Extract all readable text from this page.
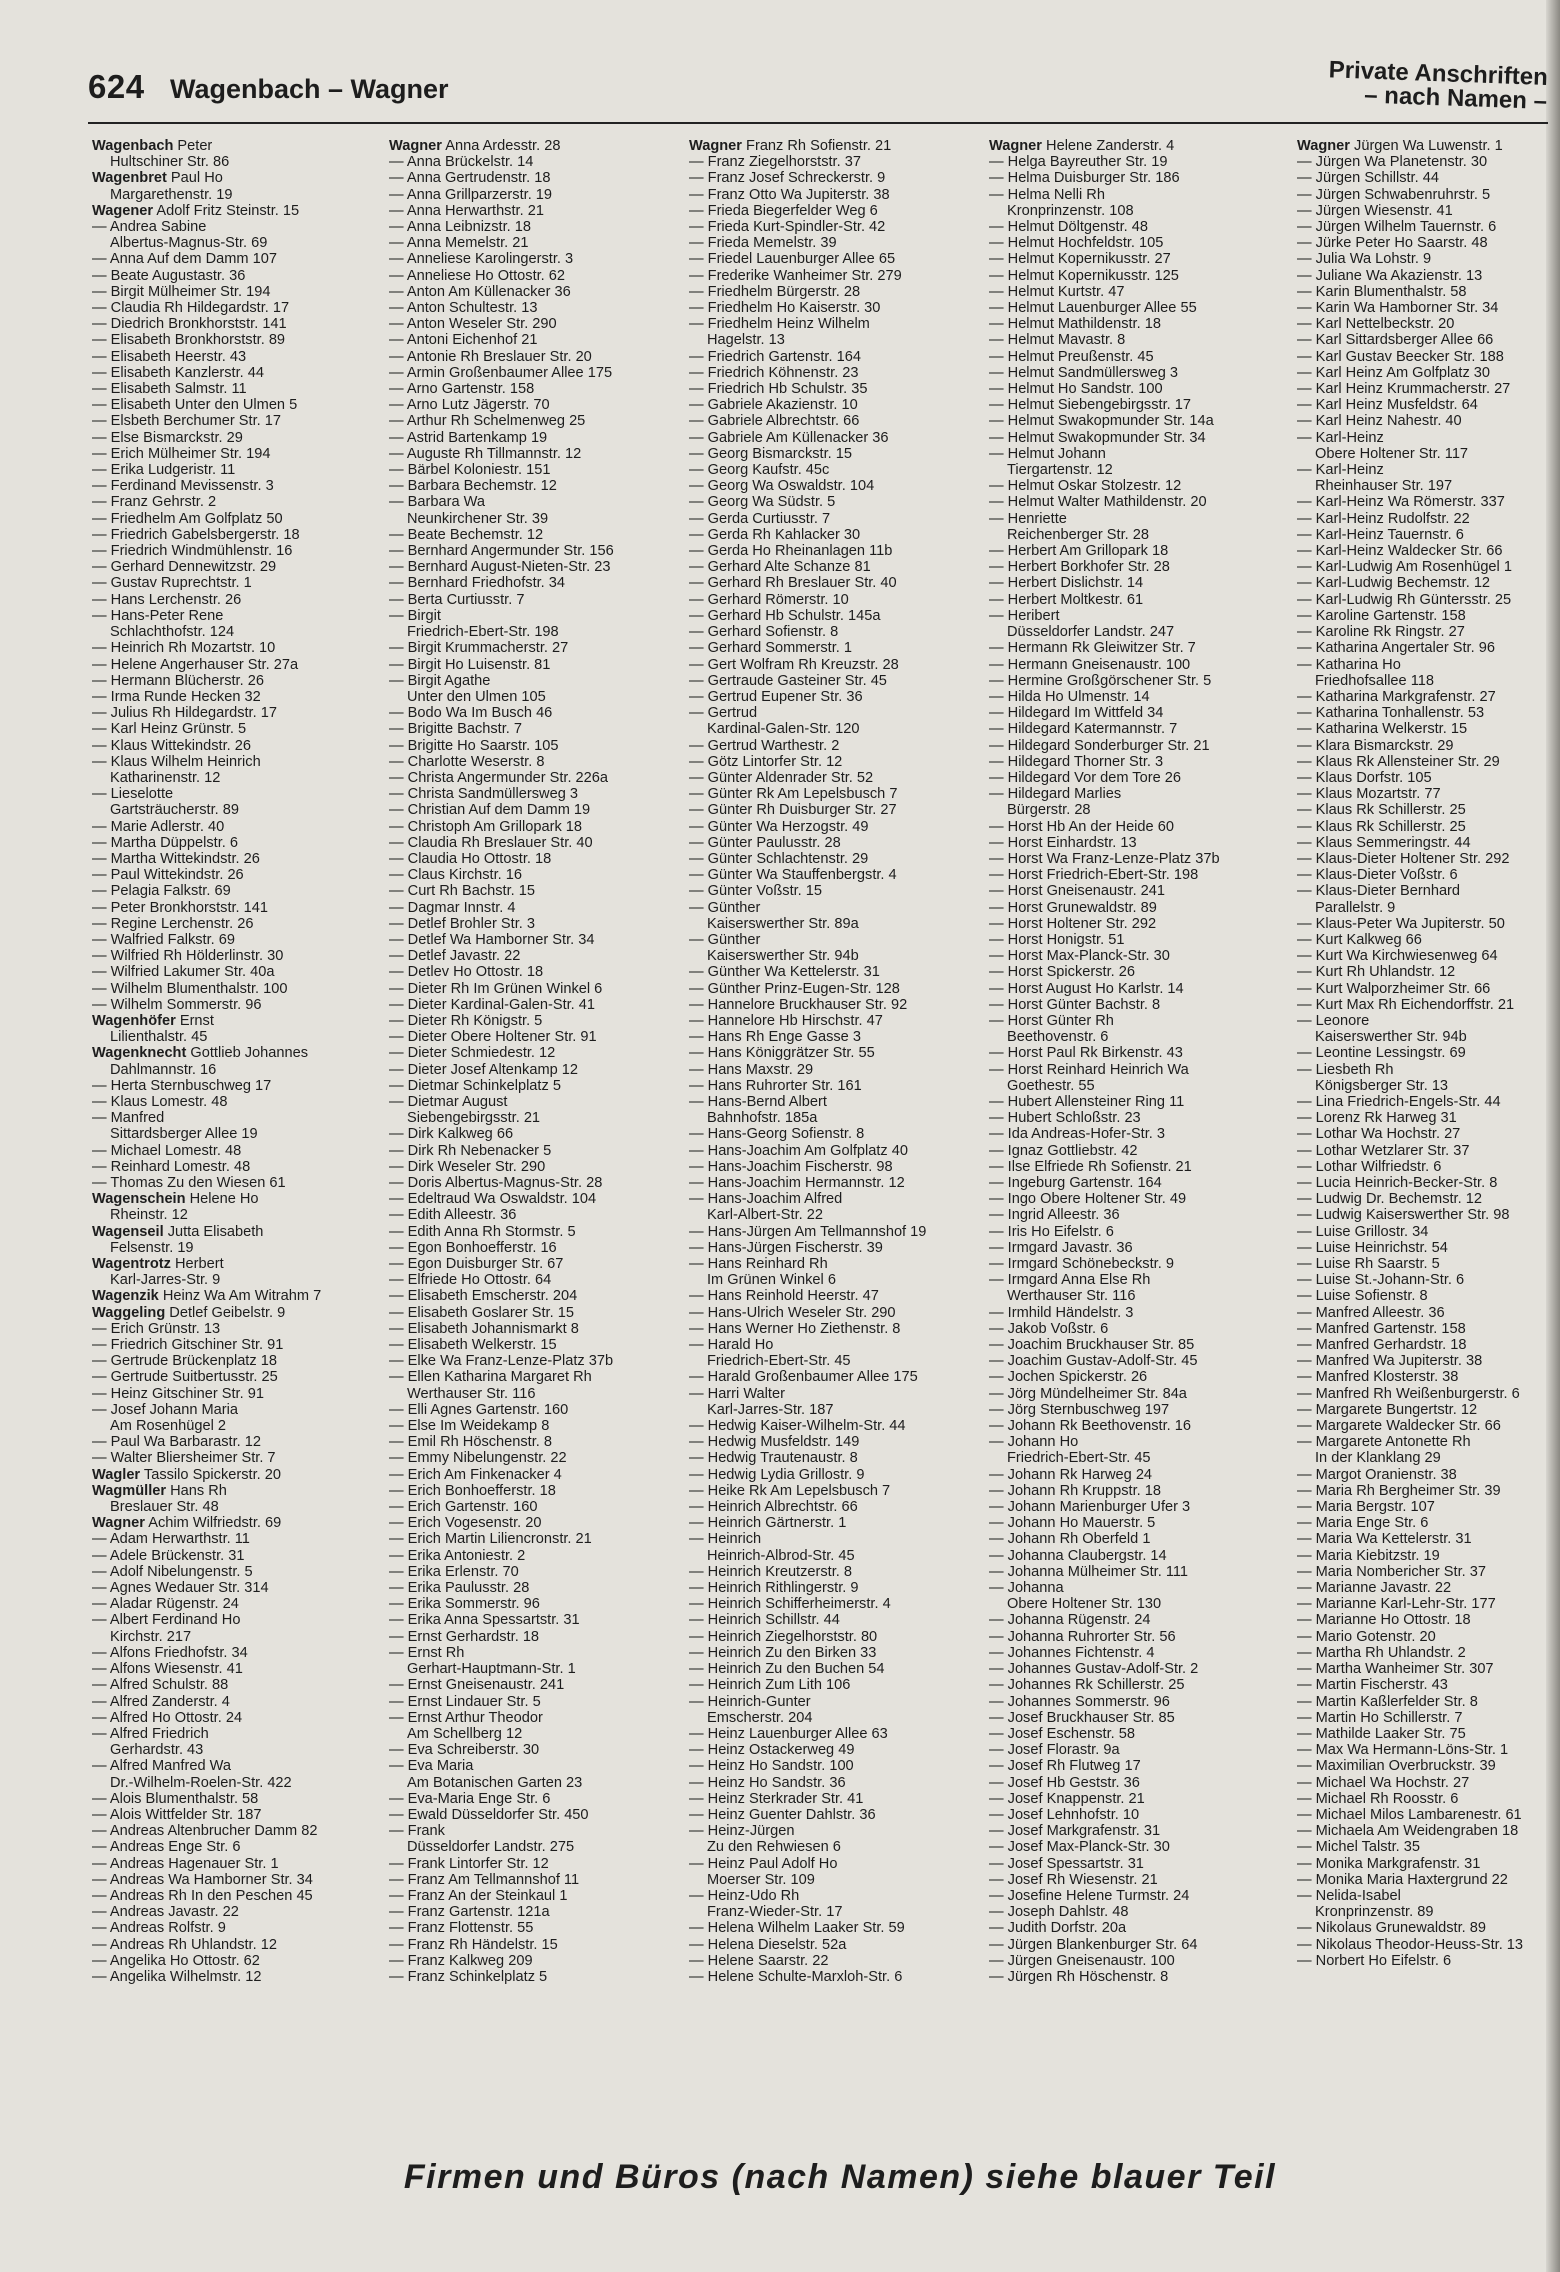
624 Wagenbach – Wagner	Private Anschriften
– nach Namen –
Wagenbach Peter
Hultschiner Str. 86
Wagenbret Paul Ho
Margarethenstr. 19
Wagener Adolf Fritz Steinstr. 15
— Andrea Sabine
Albertus-Magnus-Str. 69
— Anna Auf dem Damm 107
— Beate Augustastr. 36
— Birgit Mülheimer Str. 194
— Claudia Rh Hildegardstr. 17
— Diedrich Bronkhorststr. 141
— Elisabeth Bronkhorststr. 89
— Elisabeth Heerstr. 43
— Elisabeth Kanzlerstr. 44
— Elisabeth Salmstr. 11
— Elisabeth Unter den Ulmen 5
— Elsbeth Berchumer Str. 17
— Else Bismarckstr. 29
— Erich Mülheimer Str. 194
— Erika Ludgeristr. 11
— Ferdinand Mevissenstr. 3
— Franz Gehrstr. 2
— Friedhelm Am Golfplatz 50
— Friedrich Gabelsbergerstr. 18
— Friedrich Windmühlenstr. 16
— Gerhard Dennewitzstr. 29
— Gustav Ruprechtstr. 1
— Hans Lerchenstr. 26
— Hans-Peter Rene
Schlachthofstr. 124
— Heinrich Rh Mozartstr. 10
— Helene Angerhauser Str. 27a
— Hermann Blücherstr. 26
— Irma Runde Hecken 32
— Julius Rh Hildegardstr. 17
— Karl Heinz Grünstr. 5
— Klaus Wittekindstr. 26
— Klaus Wilhelm Heinrich
Katharinenstr. 12
— Lieselotte
Gartsträucherstr. 89
— Marie Adlerstr. 40
— Martha Düppelstr. 6
— Martha Wittekindstr. 26
— Paul Wittekindstr. 26
— Pelagia Falkstr. 69
— Peter Bronkhorststr. 141
— Regine Lerchenstr. 26
— Walfried Falkstr. 69
— Wilfried Rh Hölderlinstr. 30
— Wilfried Lakumer Str. 40a
— Wilhelm Blumenthalstr. 100
— Wilhelm Sommerstr. 96
Wagenhöfer Ernst
Lilienthalstr. 45
Wagenknecht Gottlieb Johannes
Dahlmannstr. 16
— Herta Sternbuschweg 17
— Klaus Lomestr. 48
— Manfred
Sittardsberger Allee 19
— Michael Lomestr. 48
— Reinhard Lomestr. 48
— Thomas Zu den Wiesen 61
Wagenschein Helene Ho
Rheinstr. 12
Wagenseil Jutta Elisabeth
Felsenstr. 19
Wagentrotz Herbert
Karl-Jarres-Str. 9
Wagenzik Heinz Wa Am Witrahm 7
Waggeling Detlef Geibelstr. 9
— Erich Grünstr. 13
— Friedrich Gitschiner Str. 91
— Gertrude Brückenplatz 18
— Gertrude Suitbertusstr. 25
— Heinz Gitschiner Str. 91
— Josef Johann Maria
Am Rosenhügel 2
— Paul Wa Barbarastr. 12
— Walter Bliersheimer Str. 7
Wagler Tassilo Spickerstr. 20
Wagmüller Hans Rh
Breslauer Str. 48
Wagner Achim Wilfriedstr. 69
— Adam Herwarthstr. 11
— Adele Brückenstr. 31
— Adolf Nibelungenstr. 5
— Agnes Wedauer Str. 314
— Aladar Rügenstr. 24
— Albert Ferdinand Ho
Kirchstr. 217
— Alfons Friedhofstr. 34
— Alfons Wiesenstr. 41
— Alfred Schulstr. 88
— Alfred Zanderstr. 4
— Alfred Ho Ottostr. 24
— Alfred Friedrich
Gerhardstr. 43
— Alfred Manfred Wa
Dr.-Wilhelm-Roelen-Str. 422
— Alois Blumenthalstr. 58
— Alois Wittfelder Str. 187
— Andreas Altenbrucher Damm 82
— Andreas Enge Str. 6
— Andreas Hagenauer Str. 1
— Andreas Wa Hamborner Str. 34
— Andreas Rh In den Peschen 45
— Andreas Javastr. 22
— Andreas Rolfstr. 9
— Andreas Rh Uhlandstr. 12
— Angelika Ho Ottostr. 62
— Angelika Wilhelmstr. 12
Wagner Anna Ardesstr. 28
— Anna Brückelstr. 14
— Anna Gertrudenstr. 18
— Anna Grillparzerstr. 19
— Anna Herwarthstr. 21
— Anna Leibnizstr. 18
— Anna Memelstr. 21
— Anneliese Karolingerstr. 3
— Anneliese Ho Ottostr. 62
— Anton Am Küllenacker 36
— Anton Schultestr. 13
— Anton Weseler Str. 290
— Antoni Eichenhof 21
— Antonie Rh Breslauer Str. 20
— Armin Großenbaumer Allee 175
— Arno Gartenstr. 158
— Arno Lutz Jägerstr. 70
— Arthur Rh Schelmenweg 25
— Astrid Bartenkamp 19
— Auguste Rh Tillmannstr. 12
— Bärbel Koloniestr. 151
— Barbara Bechemstr. 12
— Barbara Wa
Neunkirchener Str. 39
— Beate Bechemstr. 12
— Bernhard Angermunder Str. 156
— Bernhard August-Nieten-Str. 23
— Bernhard Friedhofstr. 34
— Berta Curtiusstr. 7
— Birgit
Friedrich-Ebert-Str. 198
— Birgit Krummacherstr. 27
— Birgit Ho Luisenstr. 81
— Birgit Agathe
Unter den Ulmen 105
— Bodo Wa Im Busch 46
— Brigitte Bachstr. 7
— Brigitte Ho Saarstr. 105
— Charlotte Weserstr. 8
— Christa Angermunder Str. 226a
— Christa Sandmüllersweg 3
— Christian Auf dem Damm 19
— Christoph Am Grillopark 18
— Claudia Rh Breslauer Str. 40
— Claudia Ho Ottostr. 18
— Claus Kirchstr. 16
— Curt Rh Bachstr. 15
— Dagmar Innstr. 4
— Detlef Brohler Str. 3
— Detlef Wa Hamborner Str. 34
— Detlef Javastr. 22
— Detlev Ho Ottostr. 18
— Dieter Rh Im Grünen Winkel 6
— Dieter Kardinal-Galen-Str. 41
— Dieter Rh Königstr. 5
— Dieter Obere Holtener Str. 91
— Dieter Schmiedestr. 12
— Dieter Josef Altenkamp 12
— Dietmar Schinkelplatz 5
— Dietmar August
Siebengebirgsstr. 21
— Dirk Kalkweg 66
— Dirk Rh Nebenacker 5
— Dirk Weseler Str. 290
— Doris Albertus-Magnus-Str. 28
— Edeltraud Wa Oswaldstr. 104
— Edith Alleestr. 36
— Edith Anna Rh Stormstr. 5
— Egon Bonhoefferstr. 16
— Egon Duisburger Str. 67
— Elfriede Ho Ottostr. 64
— Elisabeth Emscherstr. 204
— Elisabeth Goslarer Str. 15
— Elisabeth Johannismarkt 8
— Elisabeth Welkerstr. 15
— Elke Wa Franz-Lenze-Platz 37b
— Ellen Katharina Margaret Rh
Werthauser Str. 116
— Elli Agnes Gartenstr. 160
— Else Im Weidekamp 8
— Emil Rh Höschenstr. 8
— Emmy Nibelungenstr. 22
— Erich Am Finkenacker 4
— Erich Bonhoefferstr. 18
— Erich Gartenstr. 160
— Erich Vogesenstr. 20
— Erich Martin Liliencronstr. 21
— Erika Antoniestr. 2
— Erika Erlenstr. 70
— Erika Paulusstr. 28
— Erika Sommerstr. 96
— Erika Anna Spessartstr. 31
— Ernst Gerhardstr. 18
— Ernst Rh
Gerhart-Hauptmann-Str. 1
— Ernst Gneisenaustr. 241
— Ernst Lindauer Str. 5
— Ernst Arthur Theodor
Am Schellberg 12
— Eva Schreiberstr. 30
— Eva Maria
Am Botanischen Garten 23
— Eva-Maria Enge Str. 6
— Ewald Düsseldorfer Str. 450
— Frank
Düsseldorfer Landstr. 275
— Frank Lintorfer Str. 12
— Franz Am Tellmannshof 11
— Franz An der Steinkaul 1
— Franz Gartenstr. 121a
— Franz Flottenstr. 55
— Franz Rh Händelstr. 15
— Franz Kalkweg 209
— Franz Schinkelplatz 5
Wagner Franz Rh Sofienstr. 21
— Franz Ziegelhorststr. 37
— Franz Josef Schreckerstr. 9
— Franz Otto Wa Jupiterstr. 38
— Frieda Biegerfelder Weg 6
— Frieda Kurt-Spindler-Str. 42
— Frieda Memelstr. 39
— Friedel Lauenburger Allee 65
— Frederike Wanheimer Str. 279
— Friedhelm Bürgerstr. 28
— Friedhelm Ho Kaiserstr. 30
— Friedhelm Heinz Wilhelm
Hagelstr. 13
— Friedrich Gartenstr. 164
— Friedrich Köhnenstr. 23
— Friedrich Hb Schulstr. 35
— Gabriele Akazienstr. 10
— Gabriele Albrechtstr. 66
— Gabriele Am Küllenacker 36
— Georg Bismarckstr. 15
— Georg Kaufstr. 45c
— Georg Wa Oswaldstr. 104
— Georg Wa Südstr. 5
— Gerda Curtiusstr. 7
— Gerda Rh Kahlacker 30
— Gerda Ho Rheinanlagen 11b
— Gerhard Alte Schanze 81
— Gerhard Rh Breslauer Str. 40
— Gerhard Römerstr. 10
— Gerhard Hb Schulstr. 145a
— Gerhard Sofienstr. 8
— Gerhard Sommerstr. 1
— Gert Wolfram Rh Kreuzstr. 28
— Gertraude Gasteiner Str. 45
— Gertrud Eupener Str. 36
— Gertrud
Kardinal-Galen-Str. 120
— Gertrud Warthestr. 2
— Götz Lintorfer Str. 12
— Günter Aldenrader Str. 52
— Günter Rk Am Lepelsbusch 7
— Günter Rh Duisburger Str. 27
— Günter Wa Herzogstr. 49
— Günter Paulusstr. 28
— Günter Schlachtenstr. 29
— Günter Wa Stauffenbergstr. 4
— Günter Voßstr. 15
— Günther
Kaiserswerther Str. 89a
— Günther
Kaiserswerther Str. 94b
— Günther Wa Kettelerstr. 31
— Günther Prinz-Eugen-Str. 128
— Hannelore Bruckhauser Str. 92
— Hannelore Hb Hirschstr. 47
— Hans Rh Enge Gasse 3
— Hans Königgrätzer Str. 55
— Hans Maxstr. 29
— Hans Ruhrorter Str. 161
— Hans-Bernd Albert
Bahnhofstr. 185a
— Hans-Georg Sofienstr. 8
— Hans-Joachim Am Golfplatz 40
— Hans-Joachim Fischerstr. 98
— Hans-Joachim Hermannstr. 12
— Hans-Joachim Alfred
Karl-Albert-Str. 22
— Hans-Jürgen Am Tellmannshof 19
— Hans-Jürgen Fischerstr. 39
— Hans Reinhard Rh
Im Grünen Winkel 6
— Hans Reinhold Heerstr. 47
— Hans-Ulrich Weseler Str. 290
— Hans Werner Ho Ziethenstr. 8
— Harald Ho
Friedrich-Ebert-Str. 45
— Harald Großenbaumer Allee 175
— Harri Walter
Karl-Jarres-Str. 187
— Hedwig Kaiser-Wilhelm-Str. 44
— Hedwig Musfeldstr. 149
— Hedwig Trautenaustr. 8
— Hedwig Lydia Grillostr. 9
— Heike Rk Am Lepelsbusch 7
— Heinrich Albrechtstr. 66
— Heinrich Gärtnerstr. 1
— Heinrich
Heinrich-Albrod-Str. 45
— Heinrich Kreutzerstr. 8
— Heinrich Rithlingerstr. 9
— Heinrich Schifferheimerstr. 4
— Heinrich Schillstr. 44
— Heinrich Ziegelhorststr. 80
— Heinrich Zu den Birken 33
— Heinrich Zu den Buchen 54
— Heinrich Zum Lith 106
— Heinrich-Gunter
Emscherstr. 204
— Heinz Lauenburger Allee 63
— Heinz Ostackerweg 49
— Heinz Ho Sandstr. 100
— Heinz Ho Sandstr. 36
— Heinz Sterkrader Str. 41
— Heinz Guenter Dahlstr. 36
— Heinz-Jürgen
Zu den Rehwiesen 6
— Heinz Paul Adolf Ho
Moerser Str. 109
— Heinz-Udo Rh
Franz-Wieder-Str. 17
— Helena Wilhelm Laaker Str. 59
— Helena Dieselstr. 52a
— Helene Saarstr. 22
— Helene Schulte-Marxloh-Str. 6
Wagner Helene Zanderstr. 4
— Helga Bayreuther Str. 19
— Helma Duisburger Str. 186
— Helma Nelli Rh
Kronprinzenstr. 108
— Helmut Döltgenstr. 48
— Helmut Hochfeldstr. 105
— Helmut Kopernikusstr. 27
— Helmut Kopernikusstr. 125
— Helmut Kurtstr. 47
— Helmut Lauenburger Allee 55
— Helmut Mathildenstr. 18
— Helmut Mavastr. 8
— Helmut Preußenstr. 45
— Helmut Sandmüllersweg 3
— Helmut Ho Sandstr. 100
— Helmut Siebengebirgsstr. 17
— Helmut Swakopmunder Str. 14a
— Helmut Swakopmunder Str. 34
— Helmut Johann
Tiergartenstr. 12
— Helmut Oskar Stolzestr. 12
— Helmut Walter Mathildenstr. 20
— Henriette
Reichenberger Str. 28
— Herbert Am Grillopark 18
— Herbert Borkhofer Str. 28
— Herbert Dislichstr. 14
— Herbert Moltkestr. 61
— Heribert
Düsseldorfer Landstr. 247
— Hermann Rk Gleiwitzer Str. 7
— Hermann Gneisenaustr. 100
— Hermine Großgörschener Str. 5
— Hilda Ho Ulmenstr. 14
— Hildegard Im Wittfeld 34
— Hildegard Katermannstr. 7
— Hildegard Sonderburger Str. 21
— Hildegard Thorner Str. 3
— Hildegard Vor dem Tore 26
— Hildegard Marlies
Bürgerstr. 28
— Horst Hb An der Heide 60
— Horst Einhardstr. 13
— Horst Wa Franz-Lenze-Platz 37b
— Horst Friedrich-Ebert-Str. 198
— Horst Gneisenaustr. 241
— Horst Grunewaldstr. 89
— Horst Holtener Str. 292
— Horst Honigstr. 51
— Horst Max-Planck-Str. 30
— Horst Spickerstr. 26
— Horst August Ho Karlstr. 14
— Horst Günter Bachstr. 8
— Horst Günter Rh
Beethovenstr. 6
— Horst Paul Rk Birkenstr. 43
— Horst Reinhard Heinrich Wa
Goethestr. 55
— Hubert Allensteiner Ring 11
— Hubert Schloßstr. 23
— Ida Andreas-Hofer-Str. 3
— Ignaz Gottliebstr. 42
— Ilse Elfriede Rh Sofienstr. 21
— Ingeburg Gartenstr. 164
— Ingo Obere Holtener Str. 49
— Ingrid Alleestr. 36
— Iris Ho Eifelstr. 6
— Irmgard Javastr. 36
— Irmgard Schönebeckstr. 9
— Irmgard Anna Else Rh
Werthauser Str. 116
— Irmhild Händelstr. 3
— Jakob Voßstr. 6
— Joachim Bruckhauser Str. 85
— Joachim Gustav-Adolf-Str. 45
— Jochen Spickerstr. 26
— Jörg Mündelheimer Str. 84a
— Jörg Sternbuschweg 197
— Johann Rk Beethovenstr. 16
— Johann Ho
Friedrich-Ebert-Str. 45
— Johann Rk Harweg 24
— Johann Rh Kruppstr. 18
— Johann Marienburger Ufer 3
— Johann Ho Mauerstr. 5
— Johann Rh Oberfeld 1
— Johanna Claubergstr. 14
— Johanna Mülheimer Str. 111
— Johanna
Obere Holtener Str. 130
— Johanna Rügenstr. 24
— Johanna Ruhrorter Str. 56
— Johannes Fichtenstr. 4
— Johannes Gustav-Adolf-Str. 2
— Johannes Rk Schillerstr. 25
— Johannes Sommerstr. 96
— Josef Bruckhauser Str. 85
— Josef Eschenstr. 58
— Josef Florastr. 9a
— Josef Rh Flutweg 17
— Josef Hb Geststr. 36
— Josef Knappenstr. 21
— Josef Lehnhofstr. 10
— Josef Markgrafenstr. 31
— Josef Max-Planck-Str. 30
— Josef Spessartstr. 31
— Josef Rh Wiesenstr. 21
— Josefine Helene Turmstr. 24
— Joseph Dahlstr. 48
— Judith Dorfstr. 20a
— Jürgen Blankenburger Str. 64
— Jürgen Gneisenaustr. 100
— Jürgen Rh Höschenstr. 8
Wagner Jürgen Wa Luwenstr. 1
— Jürgen Wa Planetenstr. 30
— Jürgen Schillstr. 44
— Jürgen Schwabenruhrstr. 5
— Jürgen Wiesenstr. 41
— Jürgen Wilhelm Tauernstr. 6
— Jürke Peter Ho Saarstr. 48
— Julia Wa Lohstr. 9
— Juliane Wa Akazienstr. 13
— Karin Blumenthalstr. 58
— Karin Wa Hamborner Str. 34
— Karl Nettelbeckstr. 20
— Karl Sittardsberger Allee 66
— Karl Gustav Beecker Str. 188
— Karl Heinz Am Golfplatz 30
— Karl Heinz Krummacherstr. 27
— Karl Heinz Musfeldstr. 64
— Karl Heinz Nahestr. 40
— Karl-Heinz
Obere Holtener Str. 117
— Karl-Heinz
Rheinhauser Str. 197
— Karl-Heinz Wa Römerstr. 337
— Karl-Heinz Rudolfstr. 22
— Karl-Heinz Tauernstr. 6
— Karl-Heinz Waldecker Str. 66
— Karl-Ludwig Am Rosenhügel 1
— Karl-Ludwig Bechemstr. 12
— Karl-Ludwig Rh Güntersstr. 25
— Karoline Gartenstr. 158
— Karoline Rk Ringstr. 27
— Katharina Angertaler Str. 96
— Katharina Ho
Friedhofsallee 118
— Katharina Markgrafenstr. 27
— Katharina Tonhallenstr. 53
— Katharina Welkerstr. 15
— Klara Bismarckstr. 29
— Klaus Rk Allensteiner Str. 29
— Klaus Dorfstr. 105
— Klaus Mozartstr. 77
— Klaus Rk Schillerstr. 25
— Klaus Rk Schillerstr. 25
— Klaus Semmeringstr. 44
— Klaus-Dieter Holtener Str. 292
— Klaus-Dieter Voßstr. 6
— Klaus-Dieter Bernhard
Parallelstr. 9
— Klaus-Peter Wa Jupiterstr. 50
— Kurt Kalkweg 66
— Kurt Wa Kirchwiesenweg 64
— Kurt Rh Uhlandstr. 12
— Kurt Walporzheimer Str. 66
— Kurt Max Rh Eichendorffstr. 21
— Leonore
Kaiserswerther Str. 94b
— Leontine Lessingstr. 69
— Liesbeth Rh
Königsberger Str. 13
— Lina Friedrich-Engels-Str. 44
— Lorenz Rk Harweg 31
— Lothar Wa Hochstr. 27
— Lothar Wetzlarer Str. 37
— Lothar Wilfriedstr. 6
— Lucia Heinrich-Becker-Str. 8
— Ludwig Dr. Bechemstr. 12
— Ludwig Kaiserswerther Str. 98
— Luise Grillostr. 34
— Luise Heinrichstr. 54
— Luise Rh Saarstr. 5
— Luise St.-Johann-Str. 6
— Luise Sofienstr. 8
— Manfred Alleestr. 36
— Manfred Gartenstr. 158
— Manfred Gerhardstr. 18
— Manfred Wa Jupiterstr. 38
— Manfred Klosterstr. 38
— Manfred Rh Weißenburgerstr. 6
— Margarete Bungertstr. 12
— Margarete Waldecker Str. 66
— Margarete Antonette Rh
In der Klanklang 29
— Margot Oranienstr. 38
— Maria Rh Bergheimer Str. 39
— Maria Bergstr. 107
— Maria Enge Str. 6
— Maria Wa Kettelerstr. 31
— Maria Kiebitzstr. 19
— Maria Nombericher Str. 37
— Marianne Javastr. 22
— Marianne Karl-Lehr-Str. 177
— Marianne Ho Ottostr. 18
— Mario Gotenstr. 20
— Martha Rh Uhlandstr. 2
— Martha Wanheimer Str. 307
— Martin Fischerstr. 43
— Martin Kaßlerfelder Str. 8
— Martin Ho Schillerstr. 7
— Mathilde Laaker Str. 75
— Max Wa Hermann-Löns-Str. 1
— Maximilian Overbruckstr. 39
— Michael Wa Hochstr. 27
— Michael Rh Roosstr. 6
— Michael Milos Lambarenestr. 61
— Michaela Am Weidengraben 18
— Michel Talstr. 35
— Monika Markgrafenstr. 31
— Monika Maria Haxtergrund 22
— Nelida-Isabel
Kronprinzenstr. 89
— Nikolaus Grunewaldstr. 89
— Nikolaus Theodor-Heuss-Str. 13
— Norbert Ho Eifelstr. 6
Firmen und Büros (nach Namen) siehe blauer Teil
